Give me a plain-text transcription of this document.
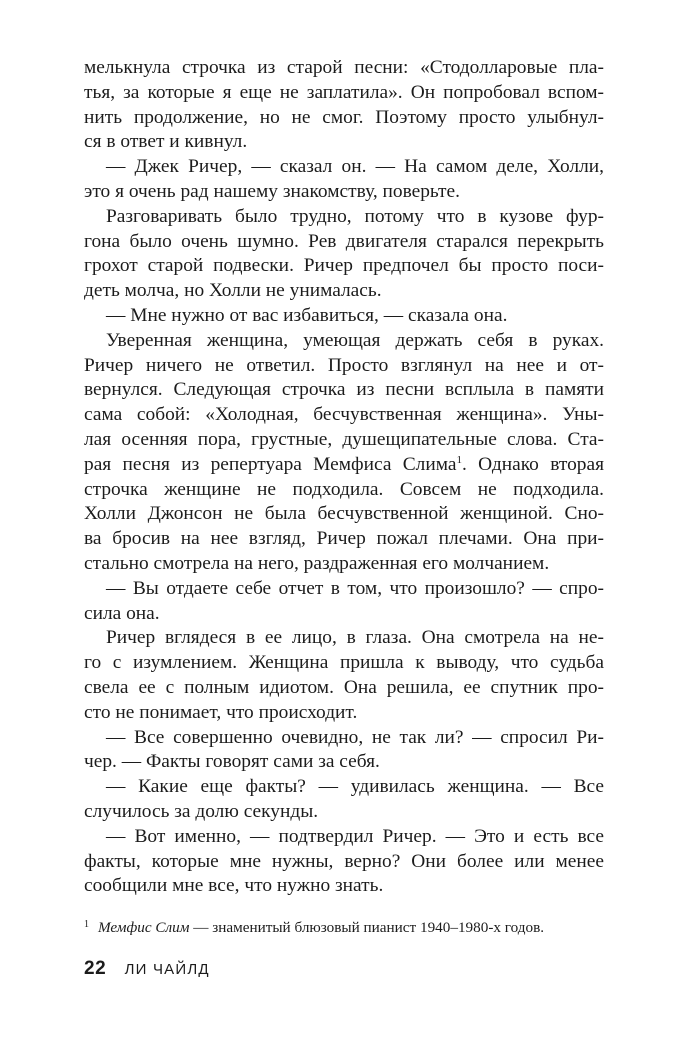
мелькнула строчка из старой песни: «Стодолларовые пла-
тья, за которые я еще не заплатила». Он попробовал вспом-
нить продолжение, но не смог. Поэтому просто улыбнул-
ся в ответ и кивнул.
— Джек Ричер, — сказал он. — На самом деле, Холли,
это я очень рад нашему знакомству, поверьте.
Разговаривать было трудно, потому что в кузове фур-
гона было очень шумно. Рев двигателя старался перекрыть
грохот старой подвески. Ричер предпочел бы просто поси-
деть молча, но Холли не унималась.
— Мне нужно от вас избавиться, — сказала она.
Уверенная женщина, умеющая держать себя в руках.
Ричер ничего не ответил. Просто взглянул на нее и от-
вернулся. Следующая строчка из песни всплыла в памяти
сама собой: «Холодная, бесчувственная женщина». Уны-
лая осенняя пора, грустные, душещипательные слова. Ста-
рая песня из репертуара Мемфиса Слима$^1$. Однако вторая
строчка женщине не подходила. Совсем не подходила.
Холли Джонсон не была бесчувственной женщиной. Сно-
ва бросив на нее взгляд, Ричер пожал плечами. Она при-
стально смотрела на него, раздраженная его молчанием.
— Вы отдаете себе отчет в том, что произошло? — спро-
сила она.
Ричер вглядеся в ее лицо, в глаза. Она смотрела на не-
го с изумлением. Женщина пришла к выводу, что судьба
свела ее с полным идиотом. Она решила, ее спутник про-
сто не понимает, что происходит.
— Все совершенно очевидно, не так ли? — спросил Ри-
чер. — Факты говорят сами за себя.
— Какие еще факты? — удивилась женщина. — Все
случилось за долю секунды.
— Вот именно, — подтвердил Ричер. — Это и есть все
факты, которые мне нужны, верно? Они более или менее
сообщили мне все, что нужно знать.
$^1$ Мемфис Слим — знаменитый блюзовый пианист 1940–1980-х годов.
22 ЛИ ЧАЙЛД
